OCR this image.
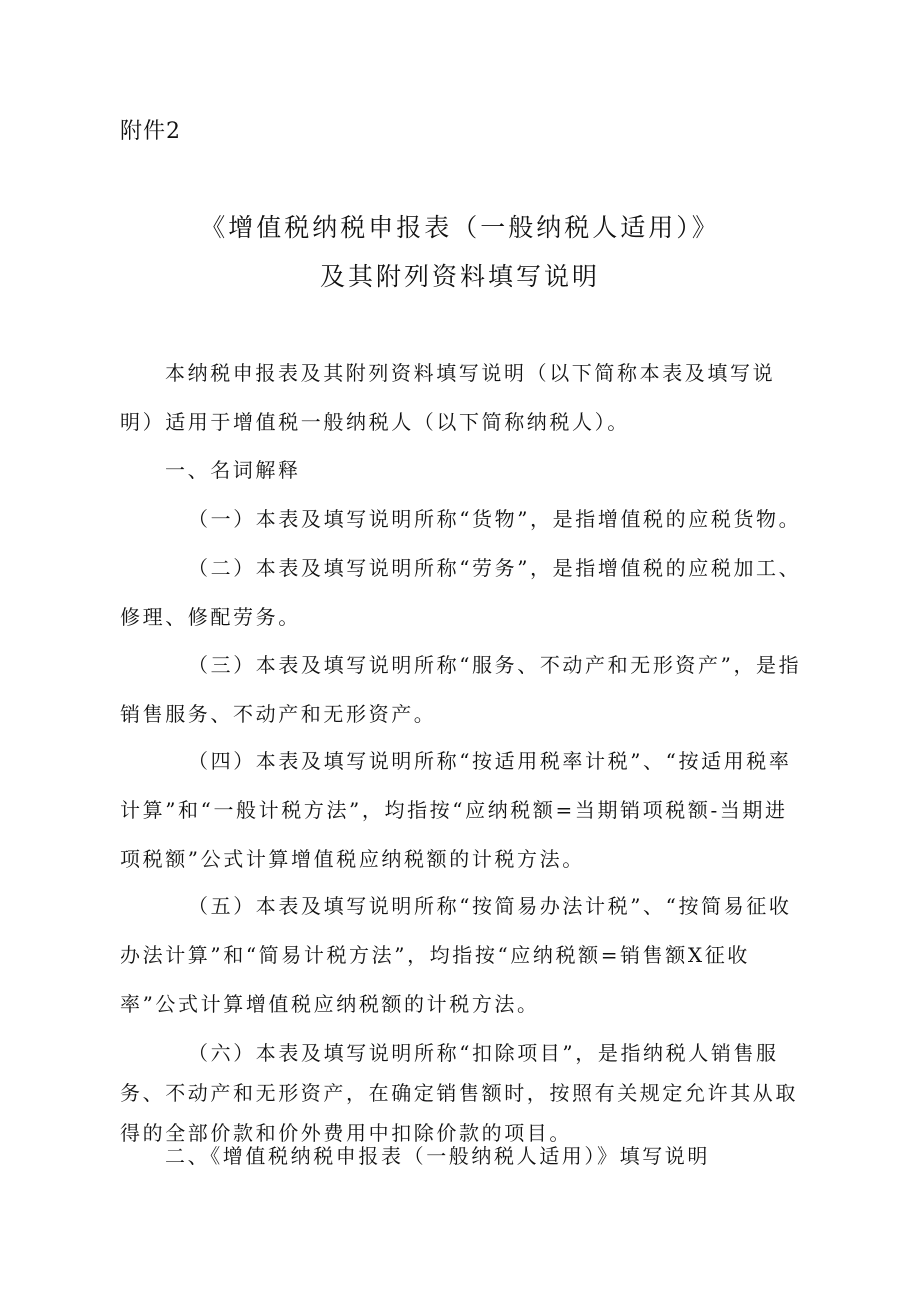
附件2
《增值税纳税申报表（一般纳税人适用）》
及其附列资料填写说明

本纳税申报表及其附列资料填写说明（以下简称本表及填写说明）适用于增值税一般纳税人（以下简称纳税人）。

一、名词解释

（一）本表及填写说明所称“货物”，是指增值税的应税货物。

（二）本表及填写说明所称“劳务”，是指增值税的应税加工、修理、修配劳务。

（三）本表及填写说明所称“服务、不动产和无形资产”，是指销售服务、不动产和无形资产。

（四）本表及填写说明所称“按适用税率计税”、“按适用税率计算”和“一般计税方法”，均指按“应纳税额=当期销项税额-当期进项税额”公式计算增值税应纳税额的计税方法。

（五）本表及填写说明所称“按简易办法计税”、“按简易征收办法计算”和“简易计税方法”，均指按“应纳税额=销售额X征收率”公式计算增值税应纳税额的计税方法。

（六）本表及填写说明所称“扣除项目”，是指纳税人销售服务、不动产和无形资产，在确定销售额时，按照有关规定允许其从取得的全部价款和价外费用中扣除价款的项目。

二、《增值税纳税申报表（一般纳税人适用）》填写说明
